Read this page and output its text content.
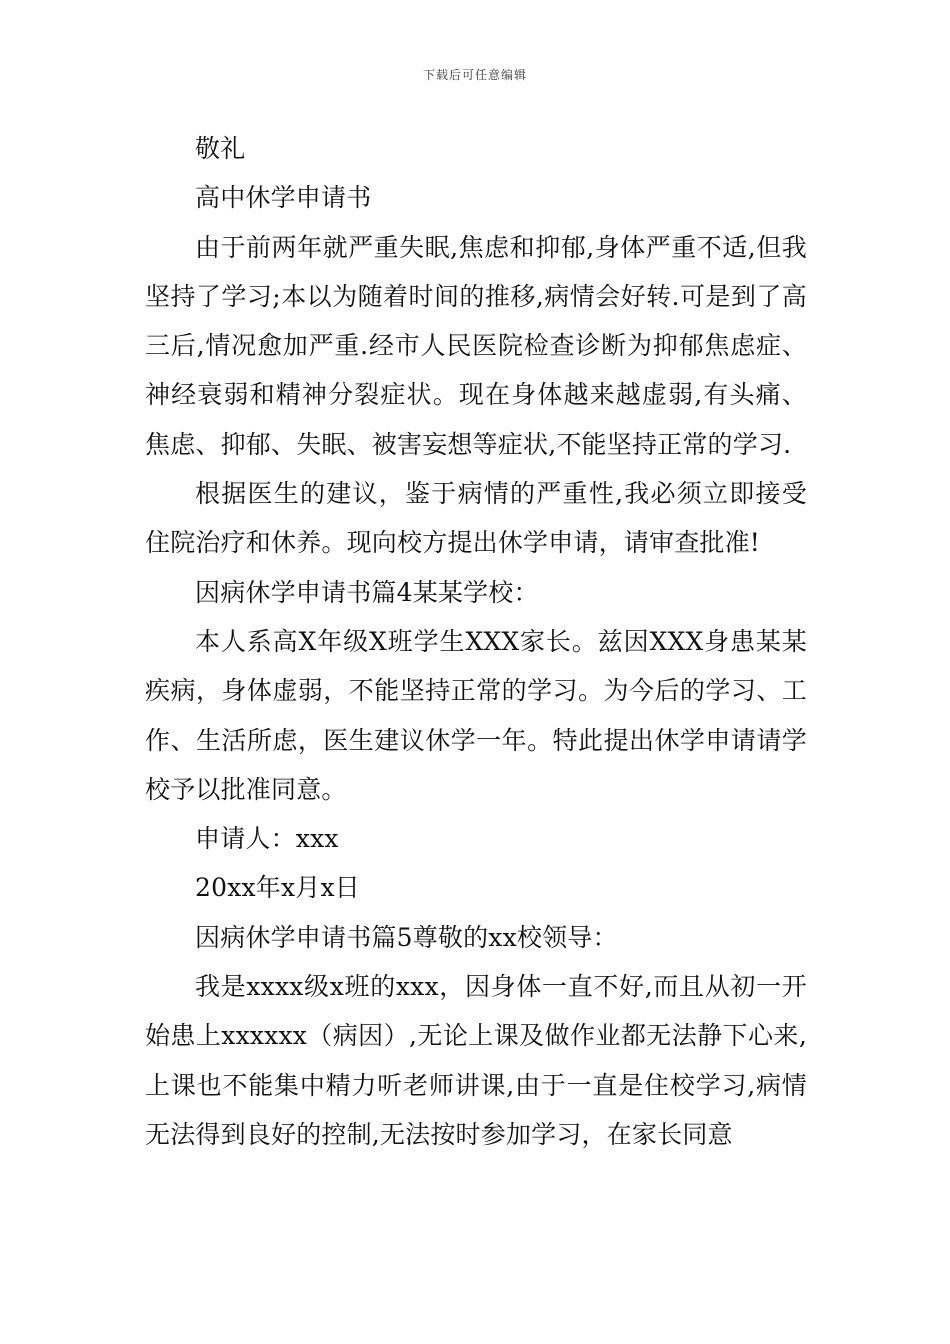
下载后可任意编辑

敬礼

高中休学申请书

由于前两年就严重失眠,焦虑和抑郁,身体严重不适,但我坚持了学习;本以为随着时间的推移,病情会好转.可是到了高三后,情况愈加严重.经市人民医院检查诊断为抑郁焦虑症、神经衰弱和精神分裂症状。现在身体越来越虚弱,有头痛、焦虑、抑郁、失眠、被害妄想等症状,不能坚持正常的学习.

根据医生的建议，鉴于病情的严重性,我必须立即接受住院治疗和休养。现向校方提出休学申请，请审查批准!

因病休学申请书篇4某某学校：

本人系高X年级X班学生XXX家长。兹因XXX身患某某疾病，身体虚弱，不能坚持正常的学习。为今后的学习、工作、生活所虑，医生建议休学一年。特此提出休学申请请学校予以批准同意。

申请人：xxx

20xx年x月x日

因病休学申请书篇5尊敬的xx校领导：

我是xxxx级x班的xxx，因身体一直不好,而且从初一开始患上xxxxxx（病因）,无论上课及做作业都无法静下心来,上课也不能集中精力听老师讲课,由于一直是住校学习,病情无法得到良好的控制,无法按时参加学习，在家长同意
